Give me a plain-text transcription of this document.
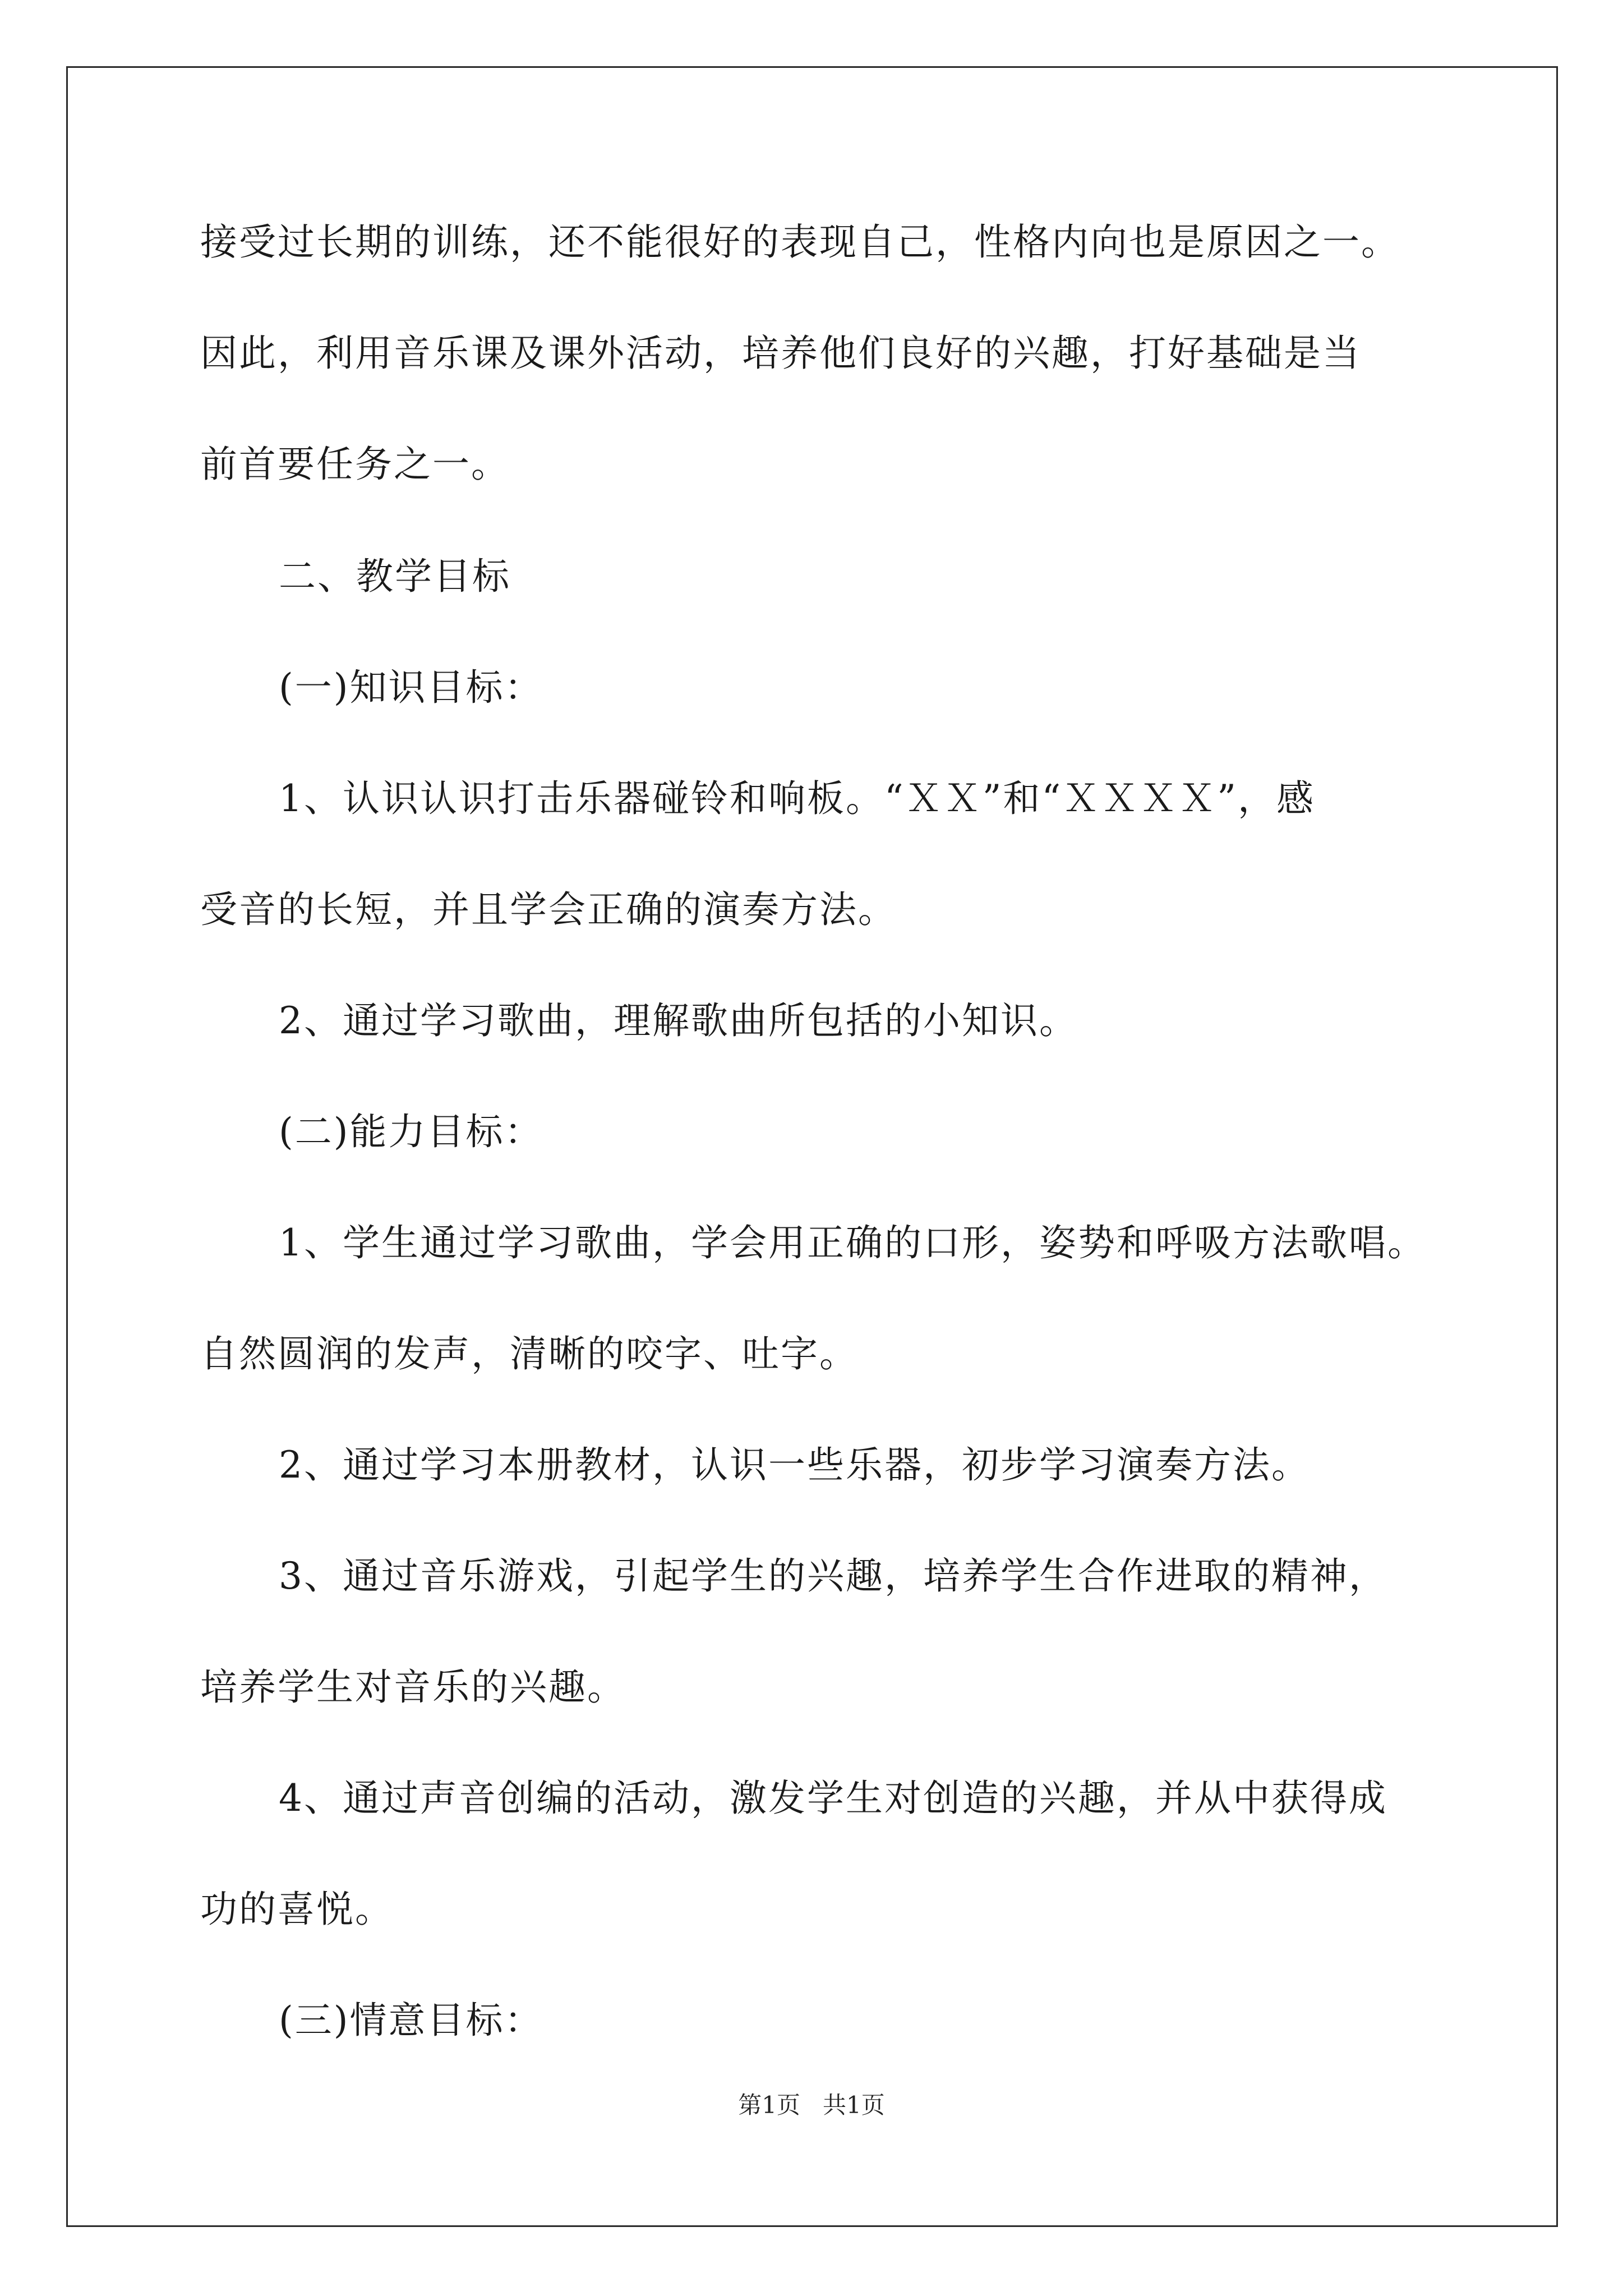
接受过长期的训练，还不能很好的表现自己，性格内向也是原因之一。
因此，利用音乐课及课外活动，培养他们良好的兴趣，打好基础是当
前首要任务之一。
二、教学目标
(一)知识目标：
1、认识认识打击乐器碰铃和响板。“ＸＸ”和“ＸＸＸＸ”，感
受音的长短，并且学会正确的演奏方法。
2、通过学习歌曲，理解歌曲所包括的小知识。
(二)能力目标：
1、学生通过学习歌曲，学会用正确的口形，姿势和呼吸方法歌唱。
自然圆润的发声，清晰的咬字、吐字。
2、通过学习本册教材，认识一些乐器，初步学习演奏方法。
3、通过音乐游戏，引起学生的兴趣，培养学生合作进取的精神，
培养学生对音乐的兴趣。
4、通过声音创编的活动，激发学生对创造的兴趣，并从中获得成
功的喜悦。
(三)情意目标：
第1页   共1页
